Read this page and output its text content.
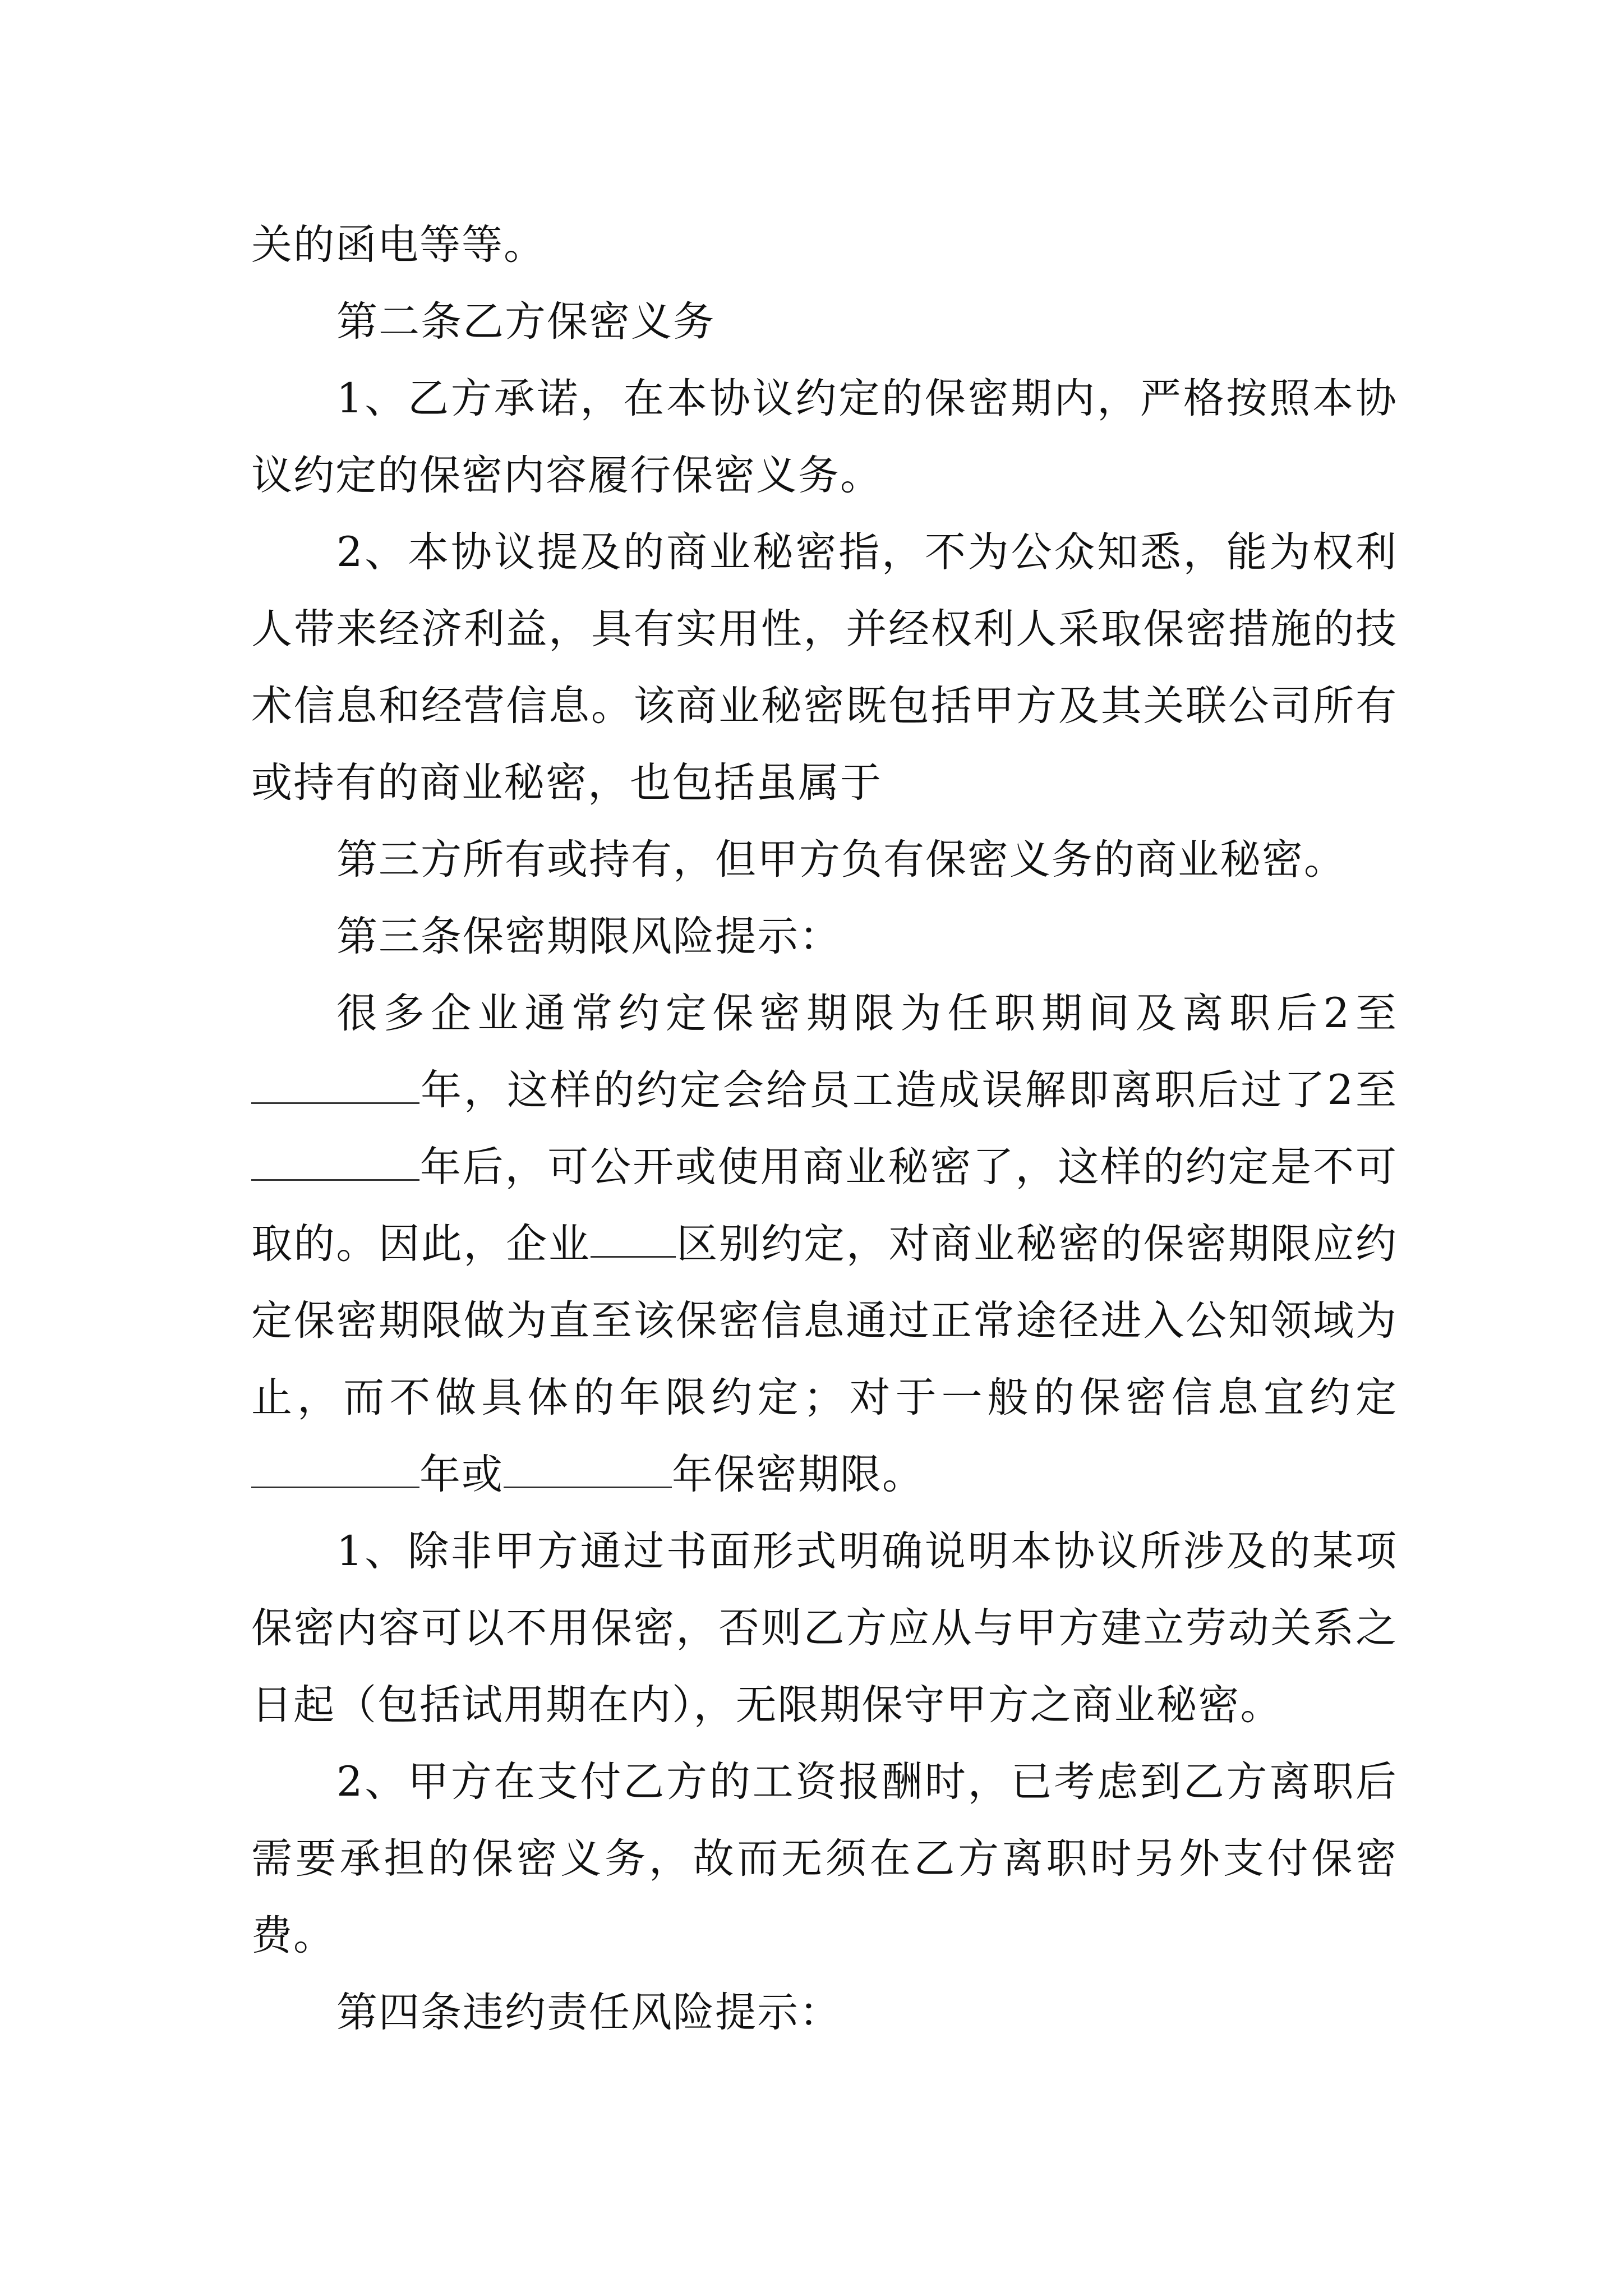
关的函电等等。

第二条乙方保密义务

1、乙方承诺，在本协议约定的保密期内，严格按照本协议约定的保密内容履行保密义务。

2、本协议提及的商业秘密指，不为公众知悉，能为权利人带来经济利益，具有实用性，并经权利人采取保密措施的技术信息和经营信息。该商业秘密既包括甲方及其关联公司所有或持有的商业秘密，也包括虽属于

第三方所有或持有，但甲方负有保密义务的商业秘密。

第三条保密期限风险提示：

很多企业通常约定保密期限为任职期间及离职后2至年，这样的约定会给员工造成误解即离职后过了2至年后，可公开或使用商业秘密了，这样的约定是不可取的。因此，企业 区别约定，对商业秘密的保密期限应约定保密期限做为直至该保密信息通过正常途径进入公知领域为止，而不做具体的年限约定；对于一般的保密信息宜约定年或	年保密期限。

1、除非甲方通过书面形式明确说明本协议所涉及的某项保密内容可以不用保密，否则乙方应从与甲方建立劳动关系之日起（包括试用期在内），无限期保守甲方之商业秘密。

2、甲方在支付乙方的工资报酬时，已考虑到乙方离职后需要承担的保密义务，故而无须在乙方离职时另外支付保密费。

第四条违约责任风险提示：
